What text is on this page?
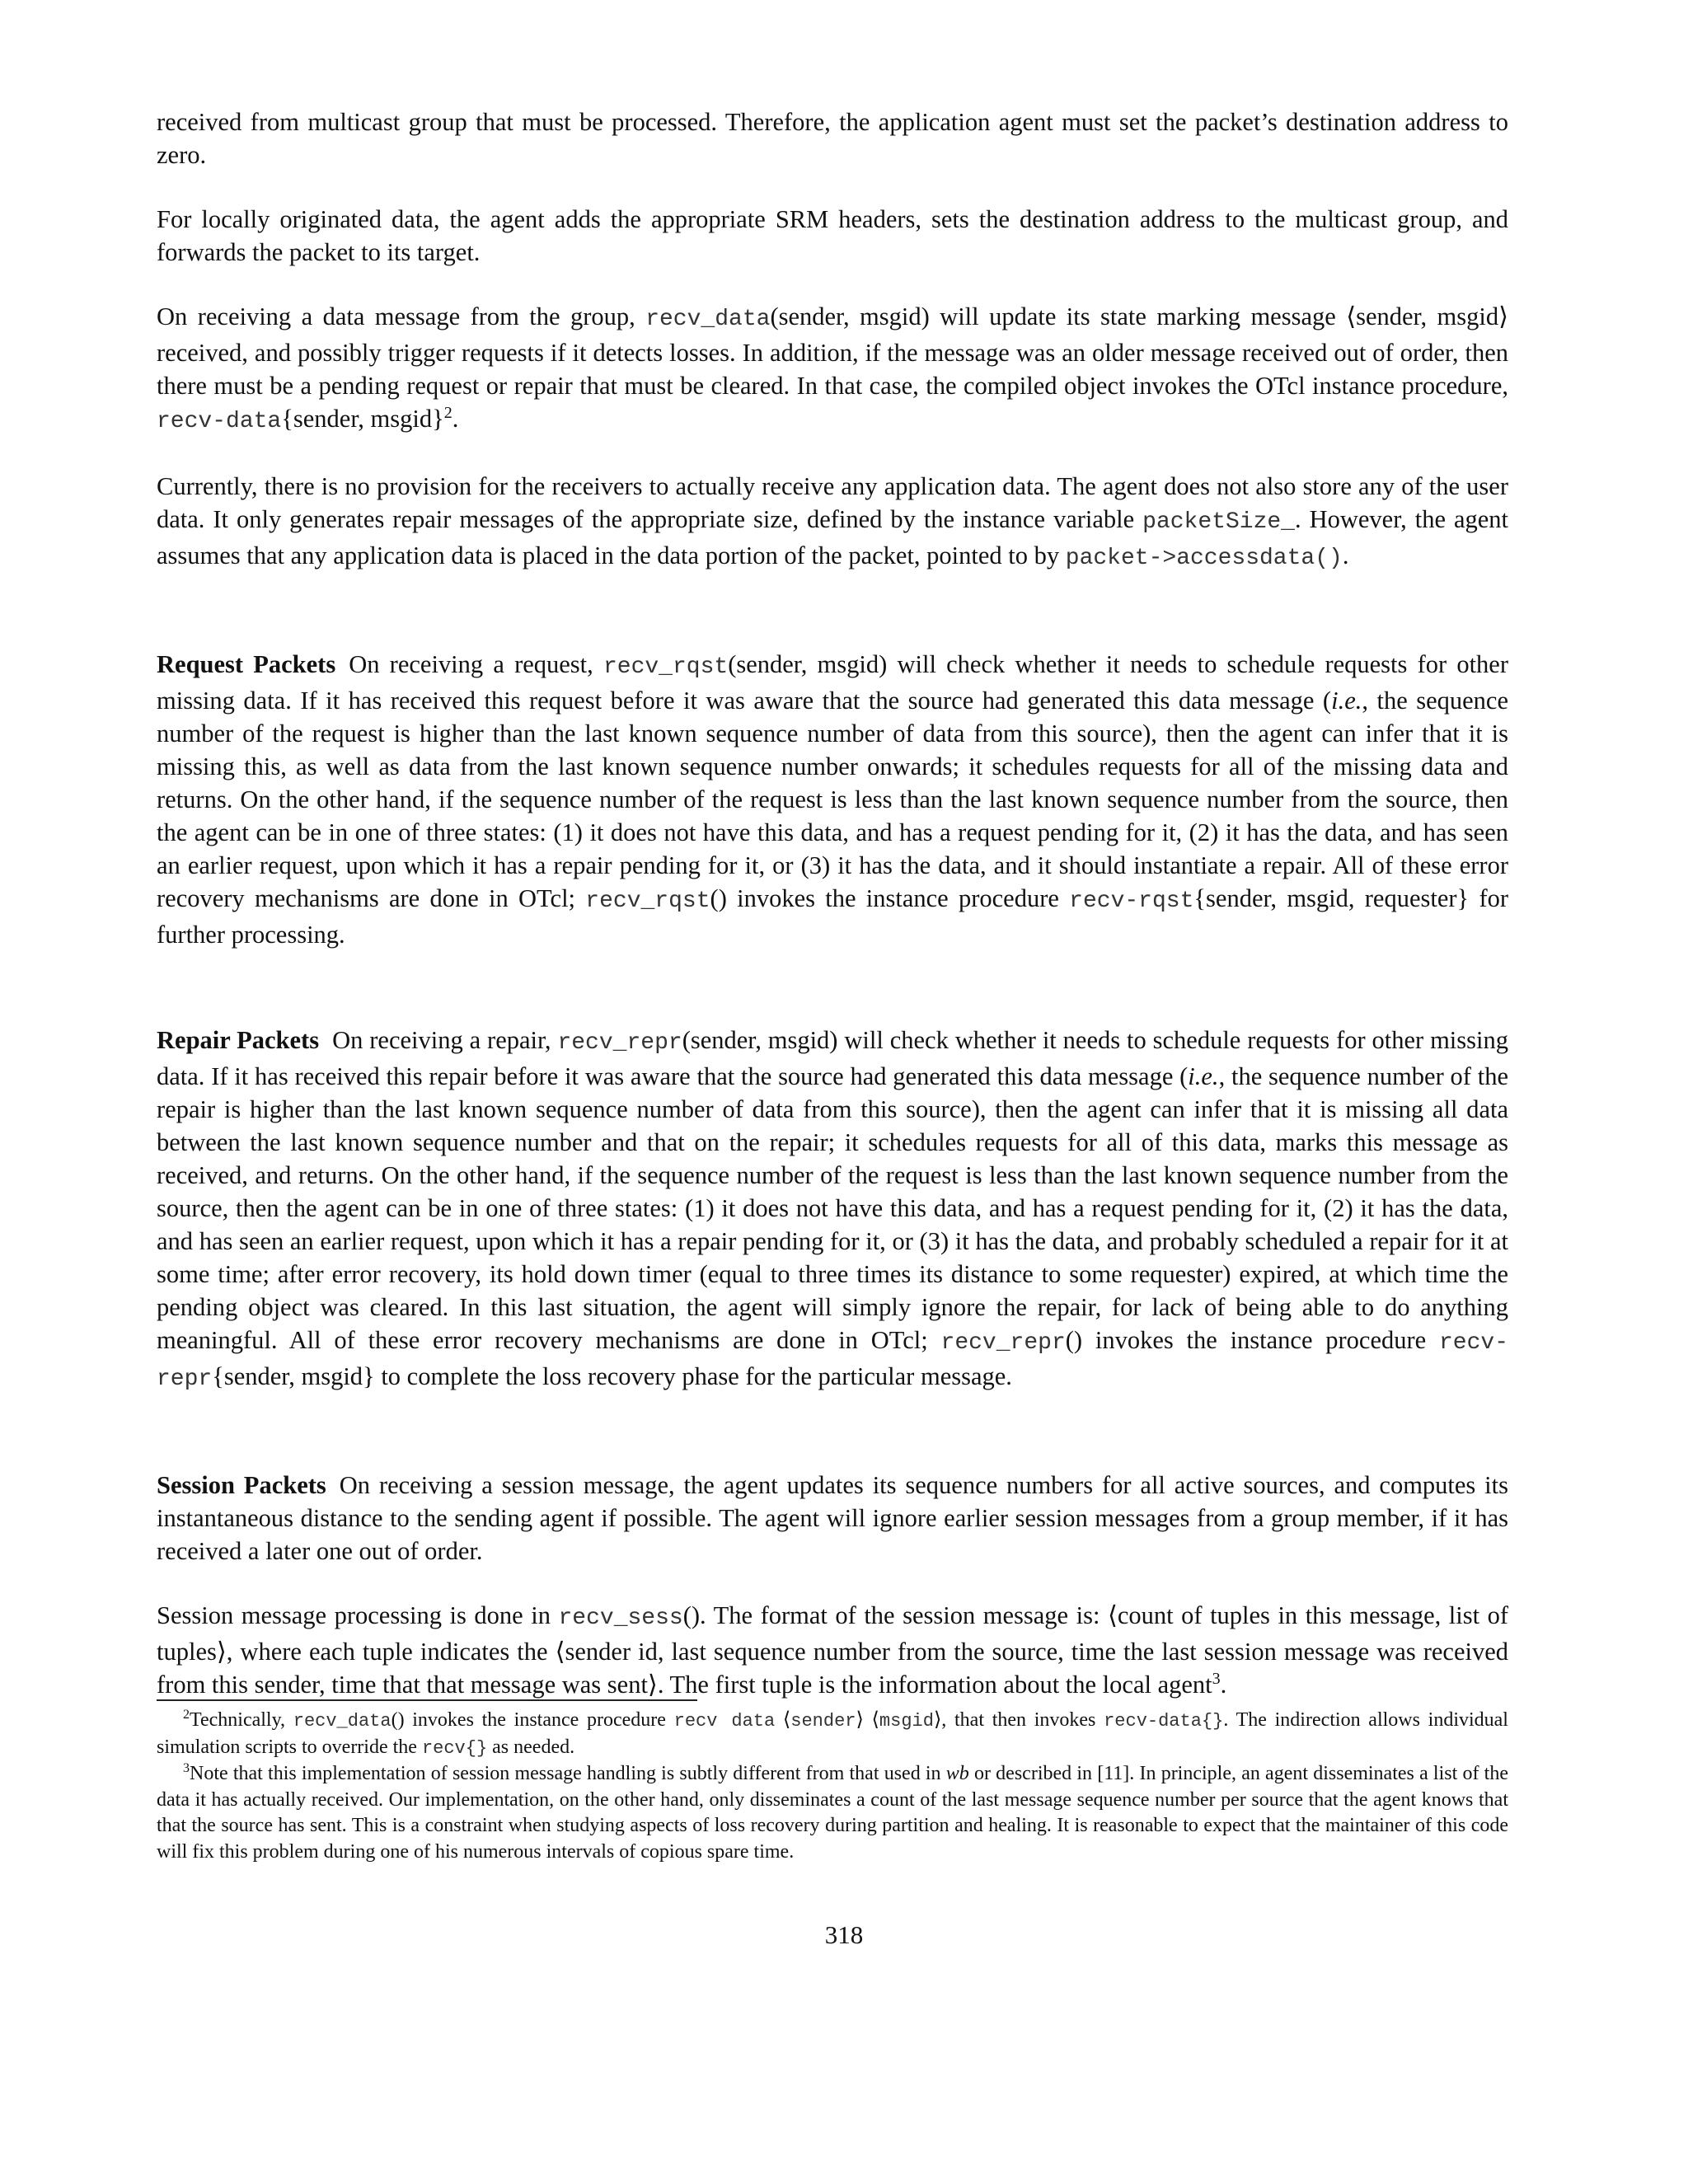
received from multicast group that must be processed. Therefore, the application agent must set the packet’s destination address to zero.

For locally originated data, the agent adds the appropriate SRM headers, sets the destination address to the multicast group, and forwards the packet to its target.

On receiving a data message from the group, recv_data(sender, msgid) will update its state marking message ⟨sender, msgid⟩ received, and possibly trigger requests if it detects losses. In addition, if the message was an older message received out of order, then there must be a pending request or repair that must be cleared. In that case, the compiled object invokes the OTcl instance procedure, recv-data{sender, msgid}$^2$.

Currently, there is no provision for the receivers to actually receive any application data. The agent does not also store any of the user data. It only generates repair messages of the appropriate size, defined by the instance variable packetSize_. However, the agent assumes that any application data is placed in the data portion of the packet, pointed to by packet->accessdata().

Request Packets On receiving a request, recv_rqst(sender, msgid) will check whether it needs to schedule requests for other missing data. If it has received this request before it was aware that the source had generated this data message (i.e., the sequence number of the request is higher than the last known sequence number of data from this source), then the agent can infer that it is missing this, as well as data from the last known sequence number onwards; it schedules requests for all of the missing data and returns. On the other hand, if the sequence number of the request is less than the last known sequence number from the source, then the agent can be in one of three states: (1) it does not have this data, and has a request pending for it, (2) it has the data, and has seen an earlier request, upon which it has a repair pending for it, or (3) it has the data, and it should instantiate a repair. All of these error recovery mechanisms are done in OTcl; recv_rqst() invokes the instance procedure recv-rqst{sender, msgid, requester} for further processing.

Repair Packets On receiving a repair, recv_repr(sender, msgid) will check whether it needs to schedule requests for other missing data. If it has received this repair before it was aware that the source had generated this data message (i.e., the sequence number of the repair is higher than the last known sequence number of data from this source), then the agent can infer that it is missing all data between the last known sequence number and that on the repair; it schedules requests for all of this data, marks this message as received, and returns. On the other hand, if the sequence number of the request is less than the last known sequence number from the source, then the agent can be in one of three states: (1) it does not have this data, and has a request pending for it, (2) it has the data, and has seen an earlier request, upon which it has a repair pending for it, or (3) it has the data, and probably scheduled a repair for it at some time; after error recovery, its hold down timer (equal to three times its distance to some requester) expired, at which time the pending object was cleared. In this last situation, the agent will simply ignore the repair, for lack of being able to do anything meaningful. All of these error recovery mechanisms are done in OTcl; recv_repr() invokes the instance procedure recv-repr{sender, msgid} to complete the loss recovery phase for the particular message.

Session Packets On receiving a session message, the agent updates its sequence numbers for all active sources, and computes its instantaneous distance to the sending agent if possible. The agent will ignore earlier session messages from a group member, if it has received a later one out of order.

Session message processing is done in recv_sess(). The format of the session message is: ⟨count of tuples in this message, list of tuples⟩, where each tuple indicates the ⟨sender id, last sequence number from the source, time the last session message was received from this sender, time that that message was sent⟩. The first tuple is the information about the local agent$^3$.

$^2$Technically, recv_data() invokes the instance procedure recv data ⟨sender⟩ ⟨msgid⟩, that then invokes recv-data{}. The indirection allows individual simulation scripts to override the recv{} as needed.

$^3$Note that this implementation of session message handling is subtly different from that used in wb or described in [11]. In principle, an agent disseminates a list of the data it has actually received. Our implementation, on the other hand, only disseminates a count of the last message sequence number per source that the agent knows that that the source has sent. This is a constraint when studying aspects of loss recovery during partition and healing. It is reasonable to expect that the maintainer of this code will fix this problem during one of his numerous intervals of copious spare time.

318
